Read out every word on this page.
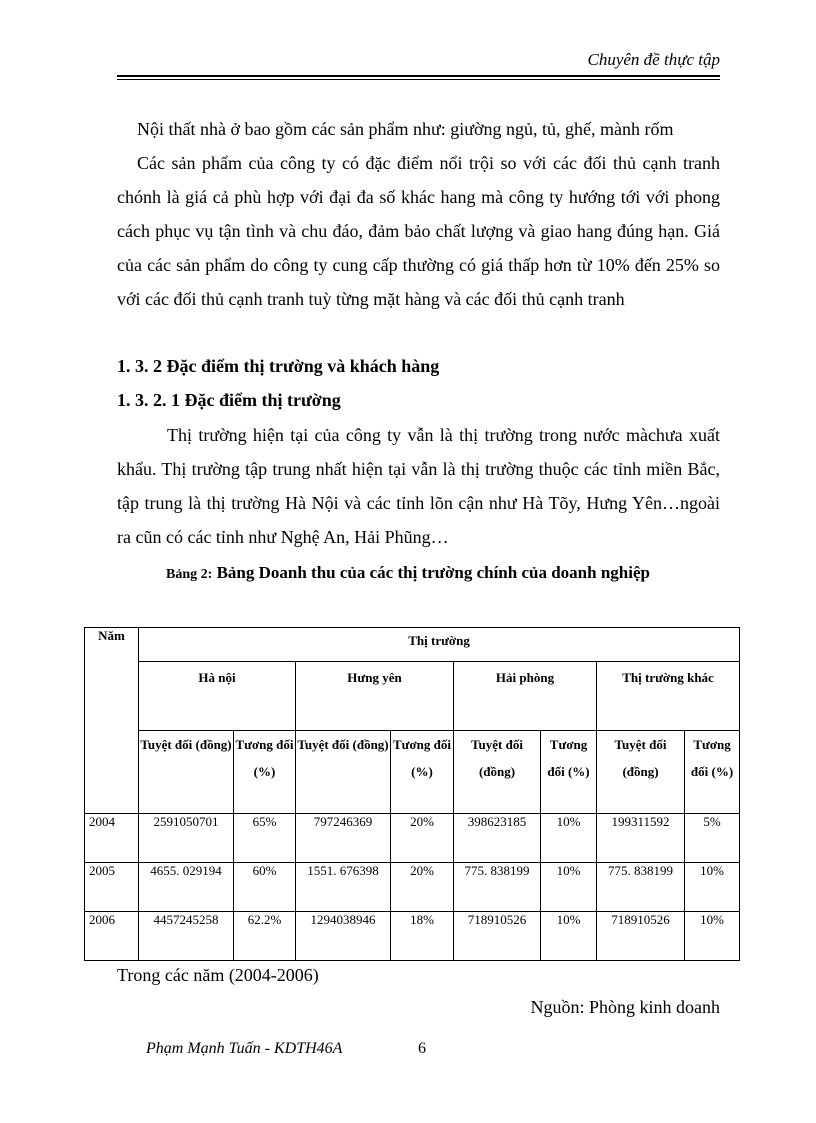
Chuyên đề thực tập

Nội thất nhà ở bao gồm các sản phẩm như: giường ngủ, tủ, ghế, mành rốm

Các sản phẩm của công ty có đặc điểm nổi trội so với các đối thủ cạnh tranh chónh là giá cả phù hợp với đại đa số khác hang mà công ty hướng tới với phong cách phục vụ tận tình và chu đáo, đảm bảo chất lượng và giao hang đúng hạn. Giá của các sản phẩm do công ty cung cấp thường có giá thấp hơn từ 10% đến 25% so với các đối thủ cạnh tranh tuỳ từng mặt hàng và các đối thủ cạnh tranh

1. 3. 2 Đặc điểm thị trường và khách hàng

1. 3. 2. 1 Đặc điểm thị trường

Thị trường hiện tại của công ty vẫn là thị trường trong nước màchưa xuất khẩu. Thị trường tập trung nhất hiện tại vẫn là thị trường thuộc các tỉnh miền Bắc, tập trung là thị trường Hà Nội và các tỉnh lõn cận như Hà Tõy, Hưng Yên…ngoài ra cũn có các tỉnh như Nghệ An, Hải Phũng…

Bảng 2: Bảng Doanh thu của các thị trường chính của doanh nghiệp
Năm	Thị trường							
	Hà nội		Hưng yên		Hải phòng		Thị trường khác	
	Tuyệt đối (đồng)	Tương đối (%)	Tuyệt đối (đồng)	Tương đối (%)	Tuyệt đối (đồng)	Tương đối (%)	Tuyệt đối (đồng)	Tương đối (%)
2004	2591050701	65%	797246369	20%	398623185	10%	199311592	5%
2005	4655. 029194	60%	1551. 676398	20%	775. 838199	10%	775. 838199	10%
2006	4457245258	62.2%	1294038946	18%	718910526	10%	718910526	10%
Trong các năm (2004-2006)
Nguồn: Phòng kinh doanh
Phạm Mạnh Tuấn - KDTH46A	6
